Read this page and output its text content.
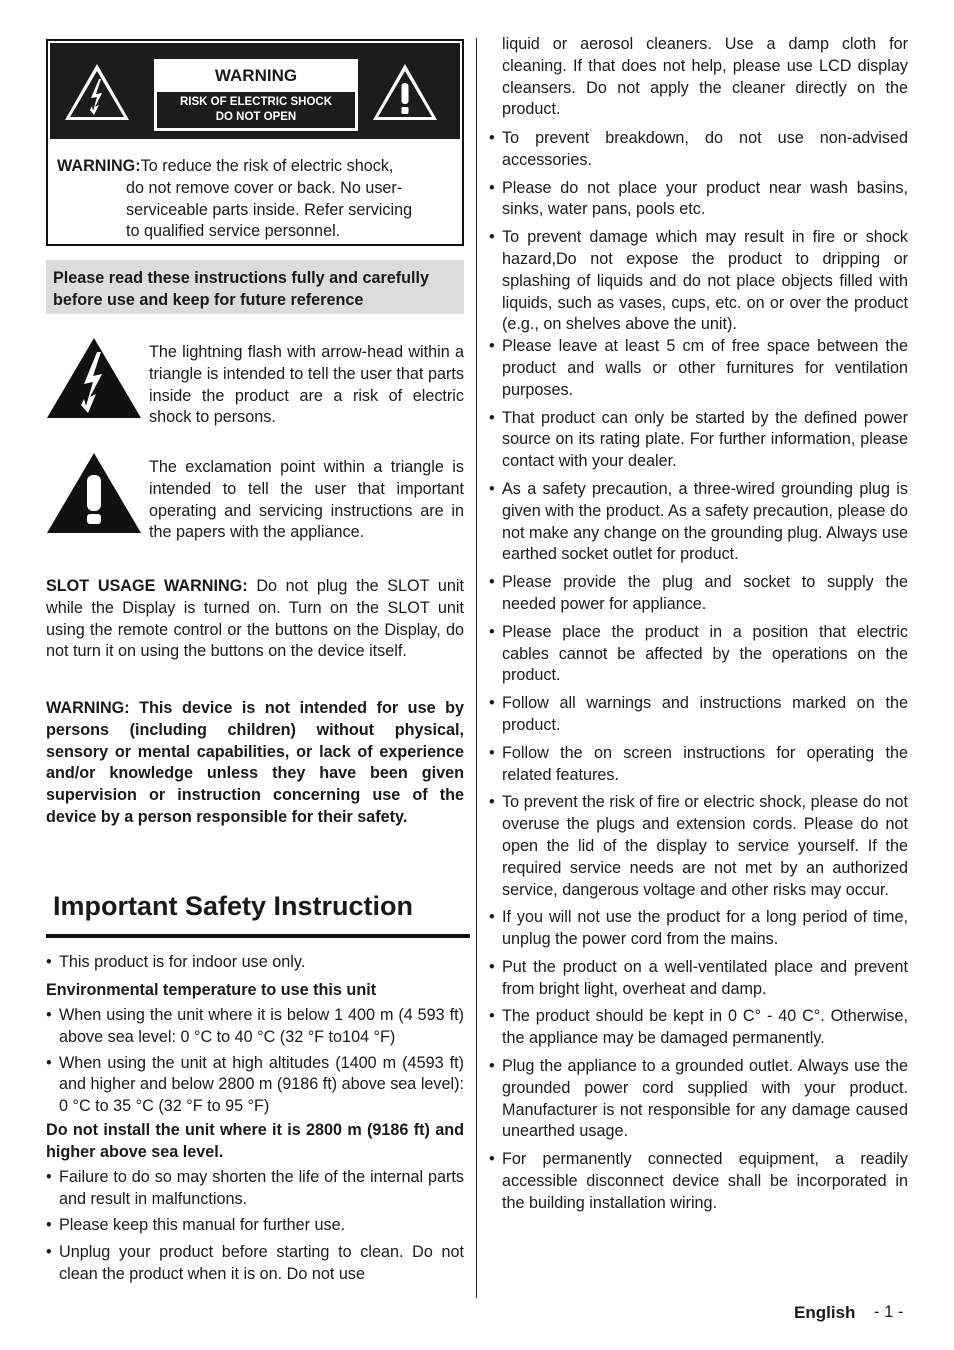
WARNING
RISK OF ELECTRIC SHOCK
DO NOT OPEN
WARNING:To reduce the risk of electric shock,
do not remove cover or back. No user-
serviceable parts inside. Refer servicing
to qualified service personnel.
Please read these instructions fully and carefully before use and keep for future reference
The lightning flash with arrow-head within a triangle is intended to tell the user that parts inside the product are a risk of electric shock to persons.
The exclamation point within a triangle is intended to tell the user that important operating and servicing instructions are in the papers with the appliance.
SLOT USAGE WARNING: Do not plug the SLOT unit while the Display is turned on. Turn on the SLOT unit using the remote control or the buttons on the Display, do not turn it on using the buttons on the device itself.
WARNING: This device is not intended for use by persons (including children) without physical, sensory or mental capabilities, or lack of experience and/or knowledge unless they have been given supervision or instruction concerning use of the device by a person responsible for their safety.
Important Safety Instruction
• This product is for indoor use only.
Environmental temperature to use this unit
• When using the unit where it is below 1 400 m (4 593 ft) above sea level: 0 °C to 40 °C (32 °F to104 °F)
• When using the unit at high altitudes (1400 m (4593 ft) and higher and below 2800 m (9186 ft) above sea level): 0 °C to 35 °C (32 °F to 95 °F)
Do not install the unit where it is 2800 m (9186 ft) and higher above sea level.
• Failure to do so may shorten the life of the internal parts and result in malfunctions.
• Please keep this manual for further use.
• Unplug your product before starting to clean. Do not clean the product when it is on. Do not use
liquid or aerosol cleaners. Use a damp cloth for cleaning. If that does not help, please use LCD display cleansers. Do not apply the cleaner directly on the product.
• To prevent breakdown, do not use non-advised accessories.
• Please do not place your product near wash basins, sinks, water pans, pools etc.
• To prevent damage which may result in fire or shock hazard,Do not expose the product to dripping or splashing of liquids and do not place objects filled with liquids, such as vases, cups, etc. on or over the product (e.g., on shelves above the unit).
• Please leave at least 5 cm of free space between the product and walls or other furnitures for ventilation purposes.
• That product can only be started by the defined power source on its rating plate. For further information, please contact with your dealer.
• As a safety precaution, a three-wired grounding plug is given with the product. As a safety precaution, please do not make any change on the grounding plug. Always use earthed socket outlet for product.
• Please provide the plug and socket to supply the needed power for appliance.
• Please place the product in a position that electric cables cannot be affected by the operations on the product.
• Follow all warnings and instructions marked on the product.
• Follow the on screen instructions for operating the related features.
• To prevent the risk of fire or electric shock, please do not overuse the plugs and extension cords. Please do not open the lid of the display to service yourself. If the required service needs are not met by an authorized service, dangerous voltage and other risks may occur.
• If you will not use the product for a long period of time, unplug the power cord from the mains.
• Put the product on a well-ventilated place and prevent from bright light, overheat and damp.
• The product should be kept in 0 C° - 40 C°. Otherwise, the appliance may be damaged permanently.
• Plug the appliance to a grounded outlet. Always use the grounded power cord supplied with your product. Manufacturer is not responsible for any damage caused unearthed usage.
• For permanently connected equipment, a readily accessible disconnect device shall be incorporated in the building installation wiring.
English - 1 -
